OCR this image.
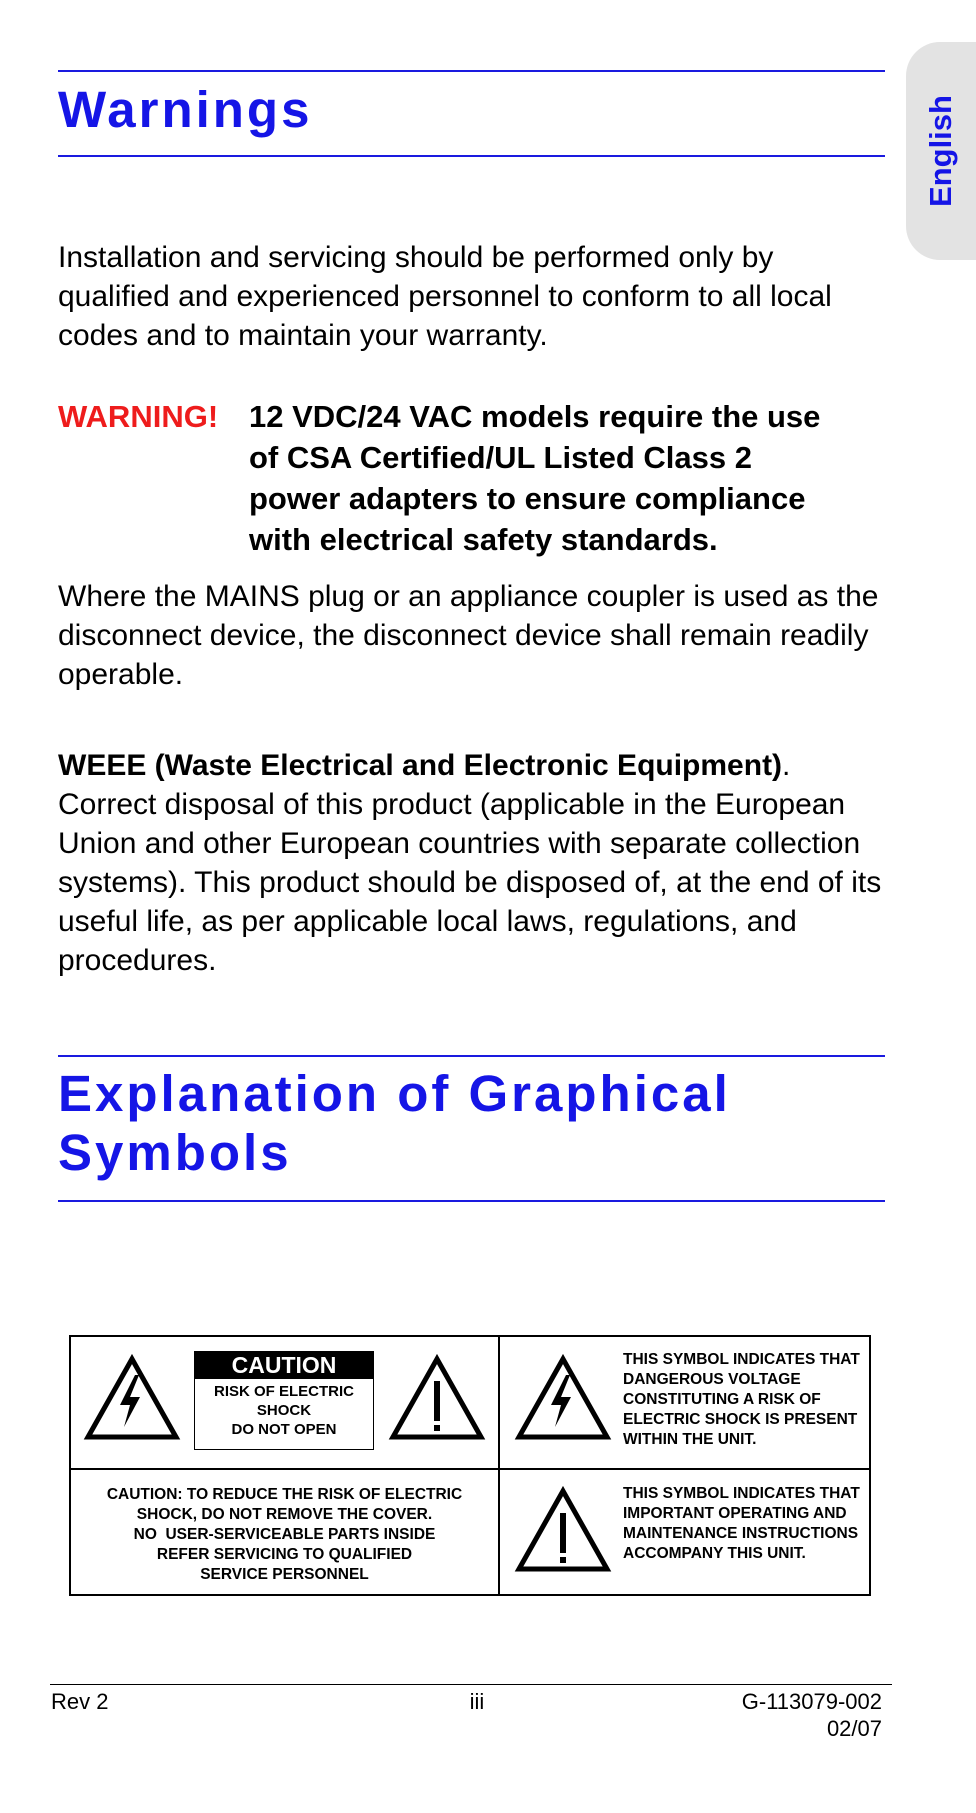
English
Warnings

Installation and servicing should be performed only by qualified and experienced personnel to conform to all local codes and to maintain your warranty.

WARNING! 12 VDC/24 VAC models require the use
of CSA Certified/UL Listed Class 2
power adapters to ensure compliance
with electrical safety standards.

Where the MAINS plug or an appliance coupler is used as the disconnect device, the disconnect device shall remain readily operable.

WEEE (Waste Electrical and Electronic Equipment).
Correct disposal of this product (applicable in the European Union and other European countries with separate collection systems). This product should be disposed of, at the end of its useful life, as per applicable local laws, regulations, and procedures.
Explanation of Graphical
Symbols
CAUTION
RISK OF ELECTRIC
SHOCK
DO NOT OPEN
THIS SYMBOL INDICATES THAT
DANGEROUS VOLTAGE
CONSTITUTING A RISK OF
ELECTRIC SHOCK IS PRESENT
WITHIN THE UNIT.
CAUTION: TO REDUCE THE RISK OF ELECTRIC
SHOCK, DO NOT REMOVE THE COVER.
NO  USER-SERVICEABLE PARTS INSIDE
REFER SERVICING TO QUALIFIED
SERVICE PERSONNEL
THIS SYMBOL INDICATES THAT
IMPORTANT OPERATING AND
MAINTENANCE INSTRUCTIONS
ACCOMPANY THIS UNIT.
Rev 2	iii	G-113079-002
02/07
